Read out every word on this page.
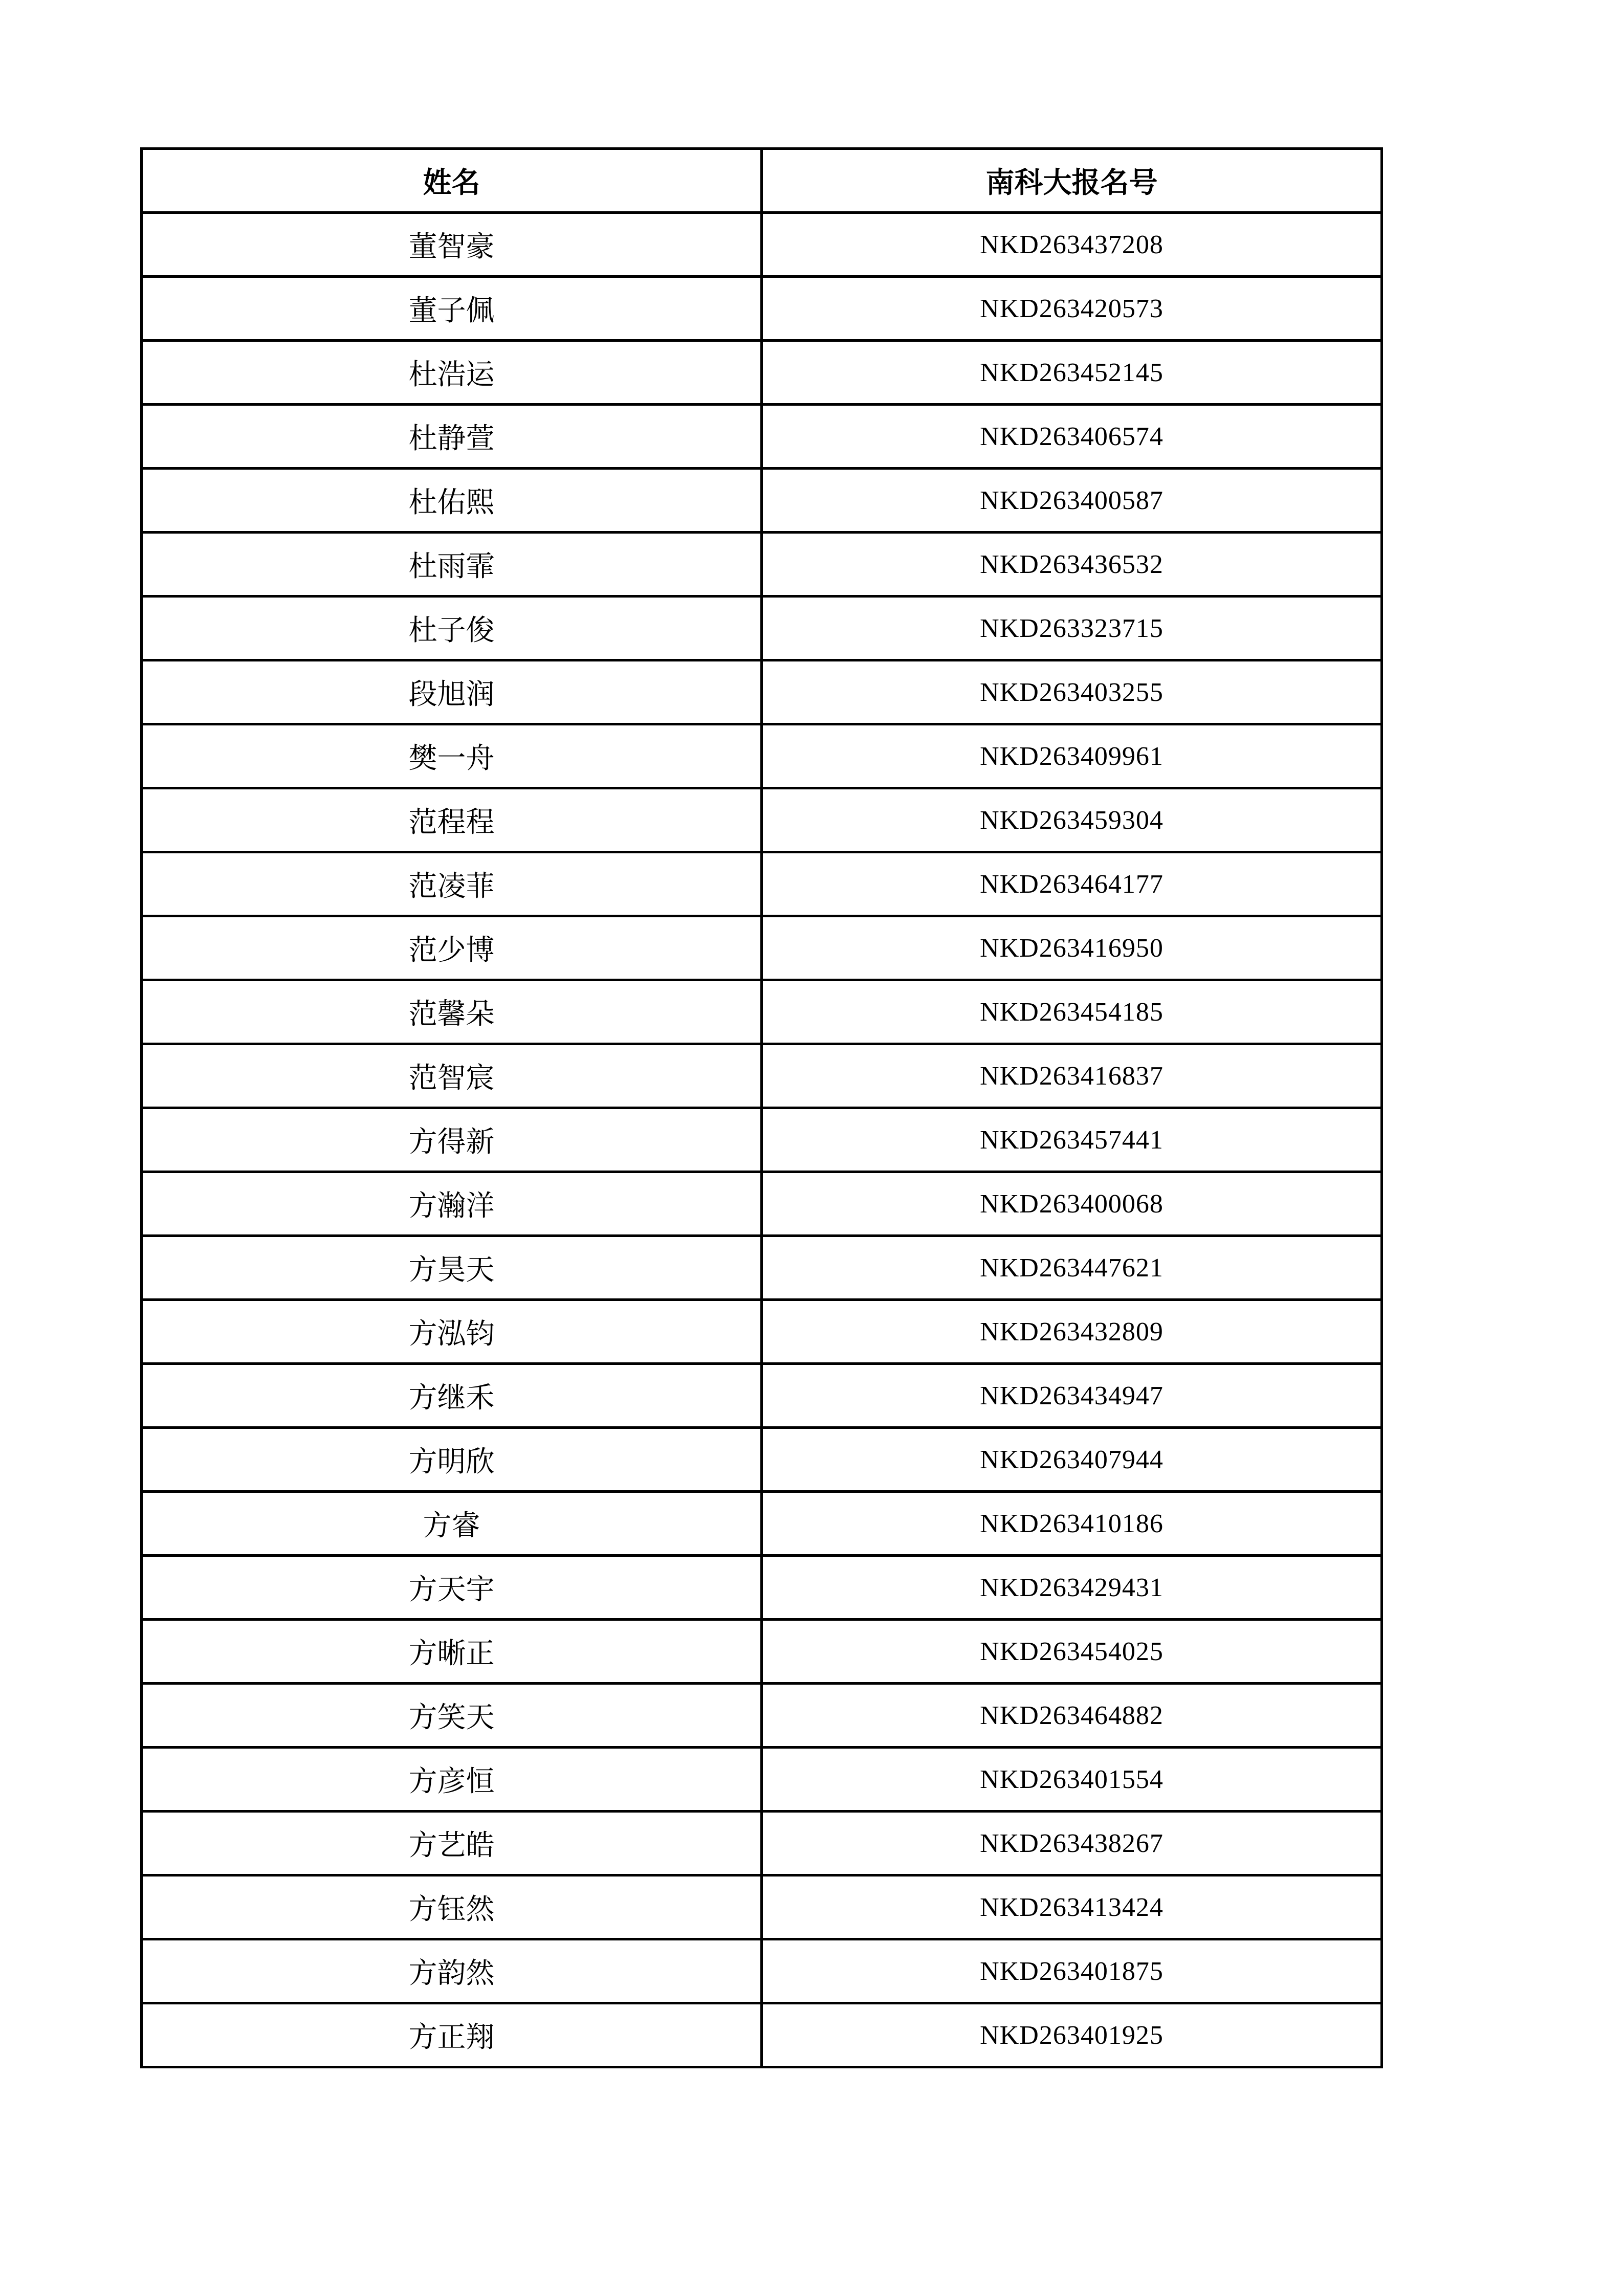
姓名	南科大报名号
董智豪	NKD263437208
董子佩	NKD263420573
杜浩运	NKD263452145
杜静萱	NKD263406574
杜佑熙	NKD263400587
杜雨霏	NKD263436532
杜子俊	NKD263323715
段旭润	NKD263403255
樊一舟	NKD263409961
范程程	NKD263459304
范凌菲	NKD263464177
范少博	NKD263416950
范馨朵	NKD263454185
范智宸	NKD263416837
方得新	NKD263457441
方瀚洋	NKD263400068
方昊天	NKD263447621
方泓钧	NKD263432809
方继禾	NKD263434947
方明欣	NKD263407944
方睿	NKD263410186
方天宇	NKD263429431
方晰正	NKD263454025
方笑天	NKD263464882
方彦恒	NKD263401554
方艺皓	NKD263438267
方钰然	NKD263413424
方韵然	NKD263401875
方正翔	NKD263401925
